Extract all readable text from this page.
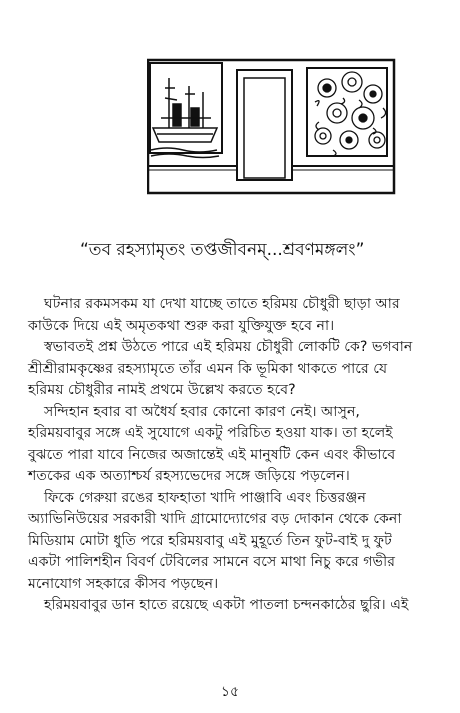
“তব রহস্যামৃতং তপ্তজীবনম্...শ্রবণমঙ্গলং”

ঘটনার রকমসকম যা দেখা যাচ্ছে তাতে হরিময় চৌধুরী ছাড়া আর
কাউকে দিয়ে এই অমৃতকথা শুরু করা যুক্তিযুক্ত হবে না।

স্বভাবতই প্রশ্ন উঠতে পারে এই হরিময় চৌধুরী লোকটি কে? ভগবান
শ্রীশ্রীরামকৃষ্ণের রহস্যামৃতে তাঁর এমন কি ভূমিকা থাকতে পারে যে
হরিময় চৌধুরীর নামই প্রথমে উল্লেখ করতে হবে?

সন্দিহান হবার বা অধৈর্য হবার কোনো কারণ নেই। আসুন,
হরিময়বাবুর সঙ্গে এই সুযোগে একটু পরিচিত হওয়া যাক। তা হলেই
বুঝতে পারা যাবে নিজের অজান্তেই এই মানুষটি কেন এবং কীভাবে
শতকের এক অত্যাশ্চর্য রহস্যভেদের সঙ্গে জড়িয়ে পড়লেন।

ফিকে গেরুয়া রঙের হাফহাতা খাদি পাঞ্জাবি এবং চিত্তরঞ্জন
অ্যাভিনিউয়ের সরকারী খাদি গ্রামোদ্যোগের বড় দোকান থেকে কেনা
মিডিয়াম মোটা ধুতি পরে হরিময়বাবু এই মুহূর্তে তিন ফুট-বাই দু ফুট
একটা পালিশহীন বিবর্ণ টেবিলের সামনে বসে মাথা নিচু করে গভীর
মনোযোগ সহকারে কীসব পড়ছেন।

হরিময়বাবুর ডান হাতে রয়েছে একটা পাতলা চন্দনকাঠের ছুরি। এই

১৫
